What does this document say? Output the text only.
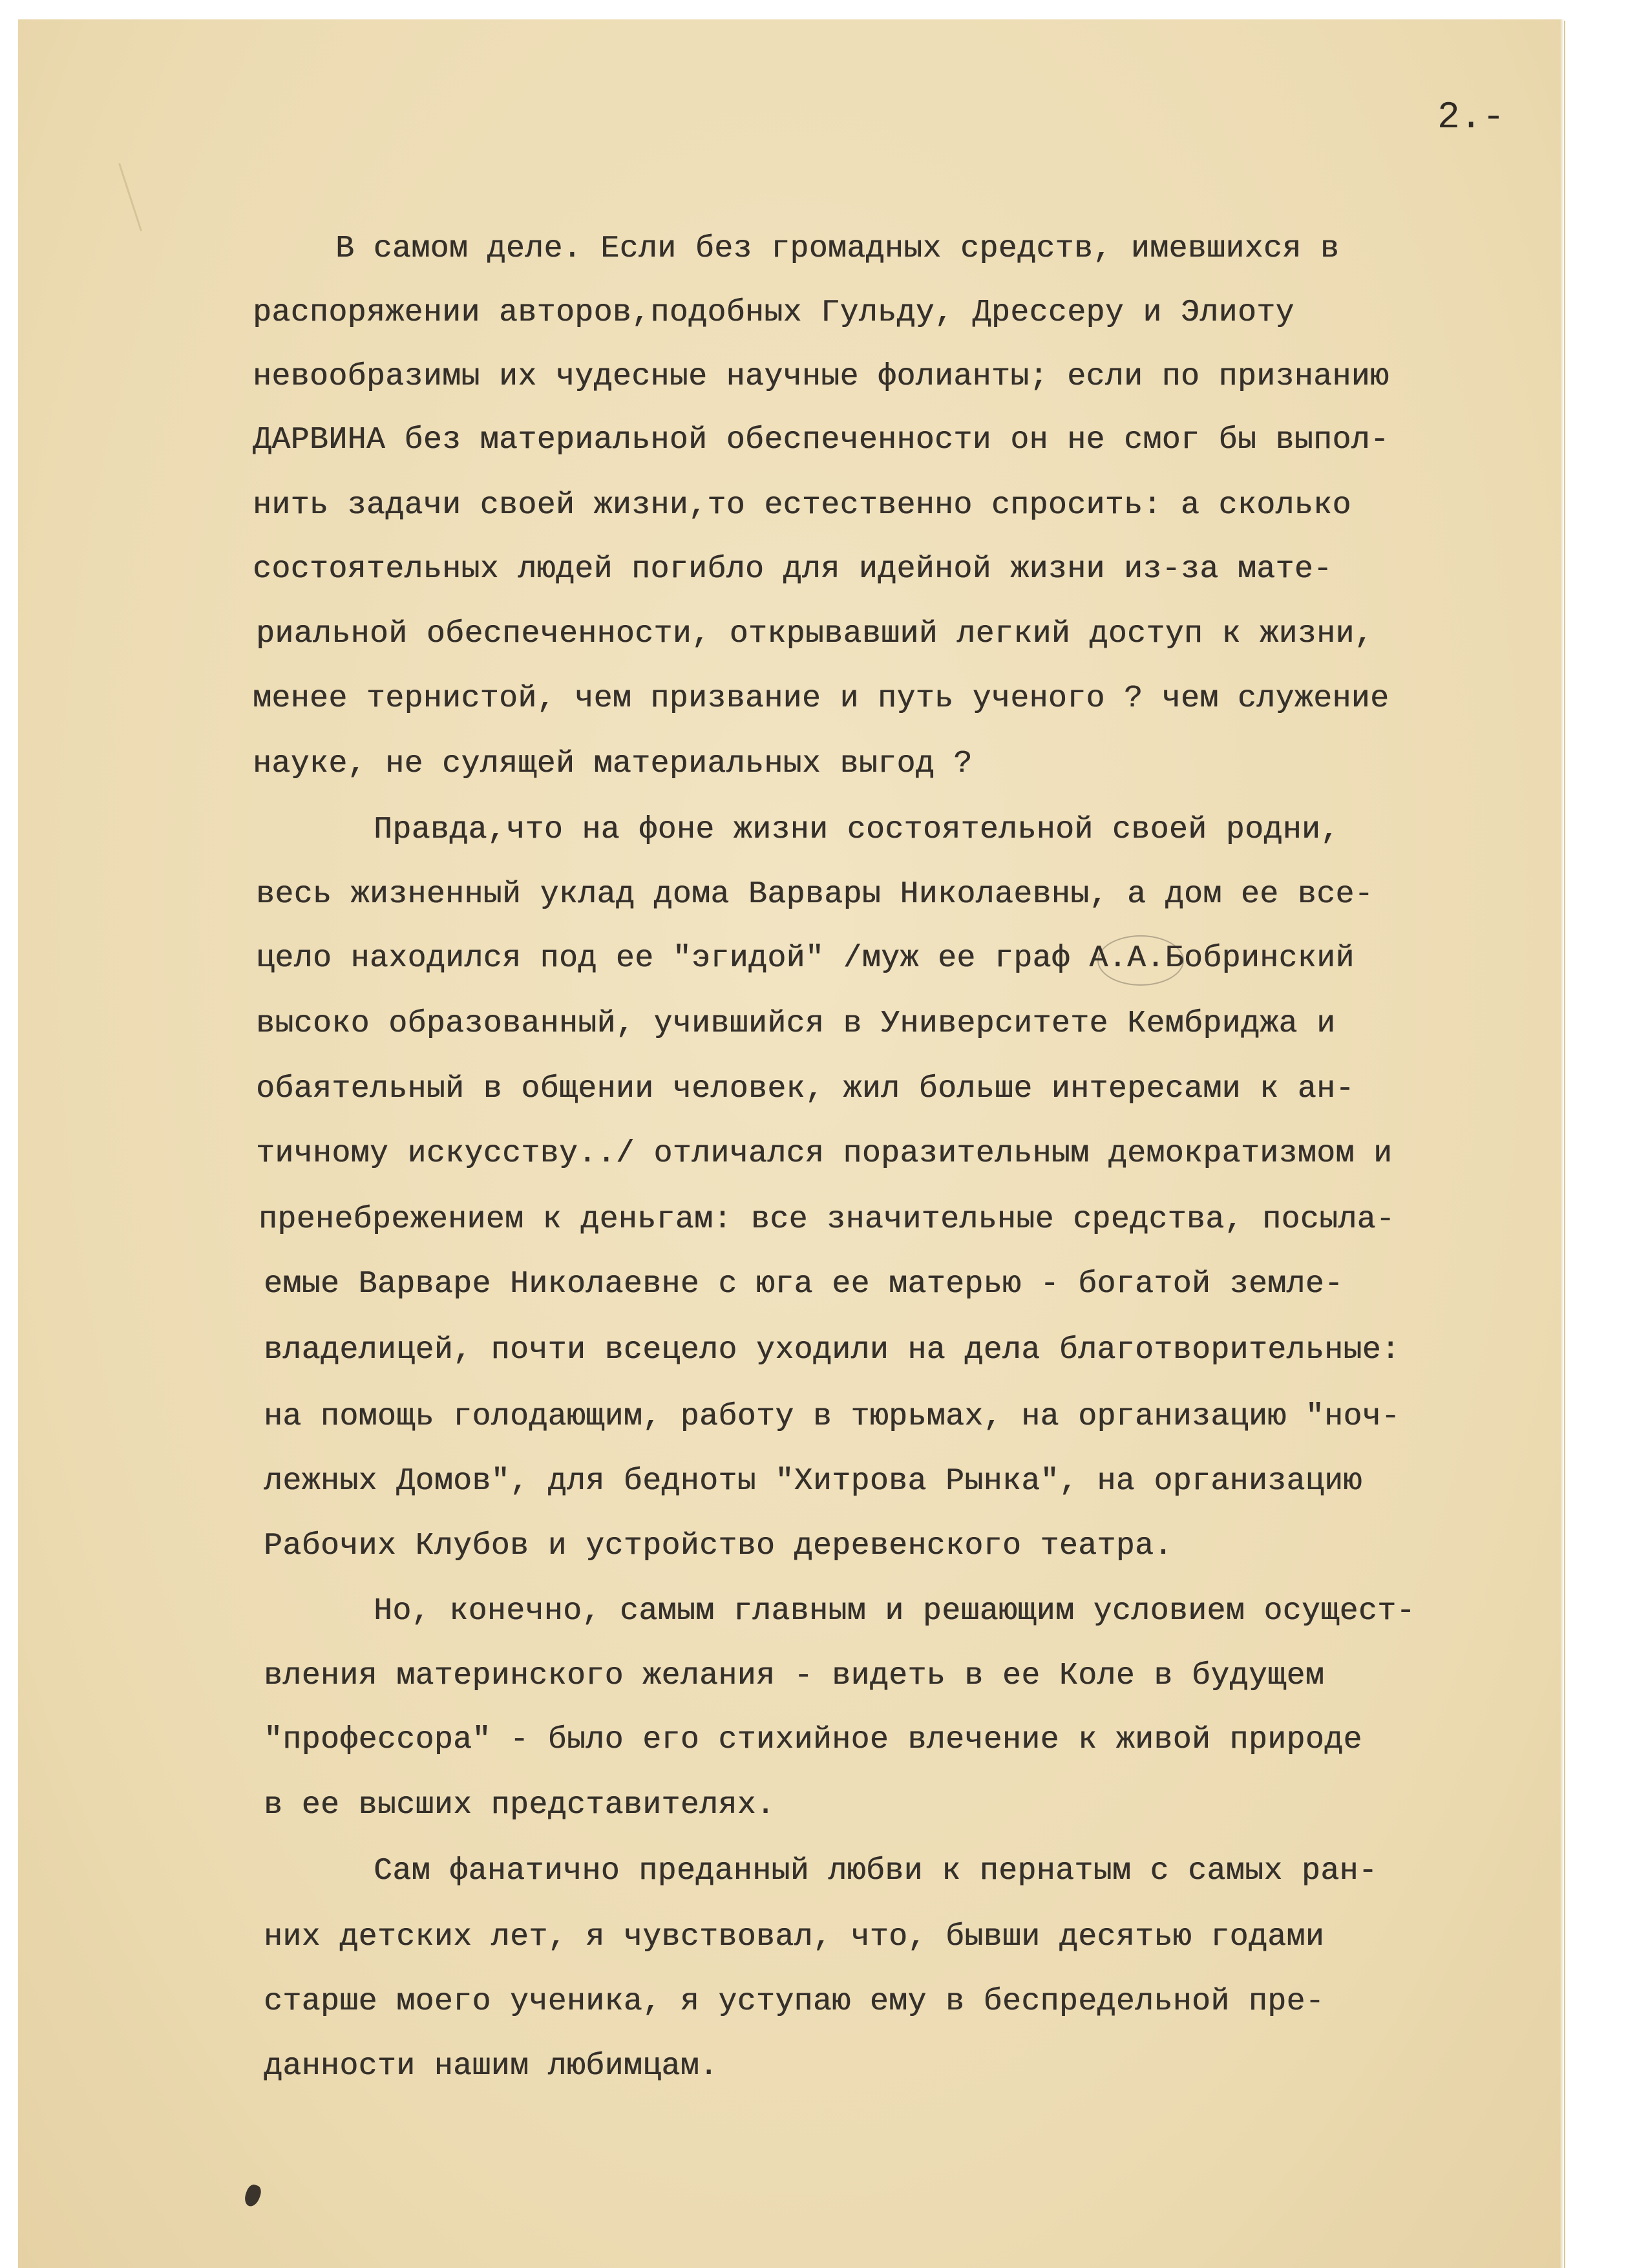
2.-
В самом деле. Если без громадных средств, имевшихся в
распоряжении авторов,подобных Гульду, Дрессеру и Элиоту
невообразимы их чудесные научные фолианты; если по признанию
ДАРВИНА без материальной обеспеченности он не смог бы выпол-
нить задачи своей жизни,то естественно спросить: а сколько
состоятельных людей погибло для идейной жизни из-за мате-
риальной обеспеченности, открывавший легкий доступ к жизни,
менее тернистой, чем призвание и путь ученого ? чем служение
науке, не сулящей материальных выгод ?
Правда,что на фоне жизни состоятельной своей родни,
весь жизненный уклад дома Варвары Николаевны, а дом ее все-
цело находился под ее "эгидой" /муж ее граф А.А.Бобринский
высоко образованный, учившийся в Университете Кембриджа и
обаятельный в общении человек, жил больше интересами к ан-
тичному искусству../ отличался поразительным демократизмом и
пренебрежением к деньгам: все значительные средства, посыла-
емые Варваре Николаевне с юга ее матерью - богатой земле-
владелицей, почти всецело уходили на дела благотворительные:
на помощь голодающим, работу в тюрьмах, на организацию "ноч-
лежных Домов", для бедноты "Хитрова Рынка", на организацию
Рабочих Клубов и устройство деревенского театра.
Но, конечно, самым главным и решающим условием осущест-
вления материнского желания - видеть в ее Коле в будущем
"профессора" - было его стихийное влечение к живой природе
в ее высших представителях.
Сам фанатично преданный любви к пернатым с самых ран-
них детских лет, я чувствовал, что, бывши десятью годами
старше моего ученика, я уступаю ему в беспредельной пре-
данности нашим любимцам.
